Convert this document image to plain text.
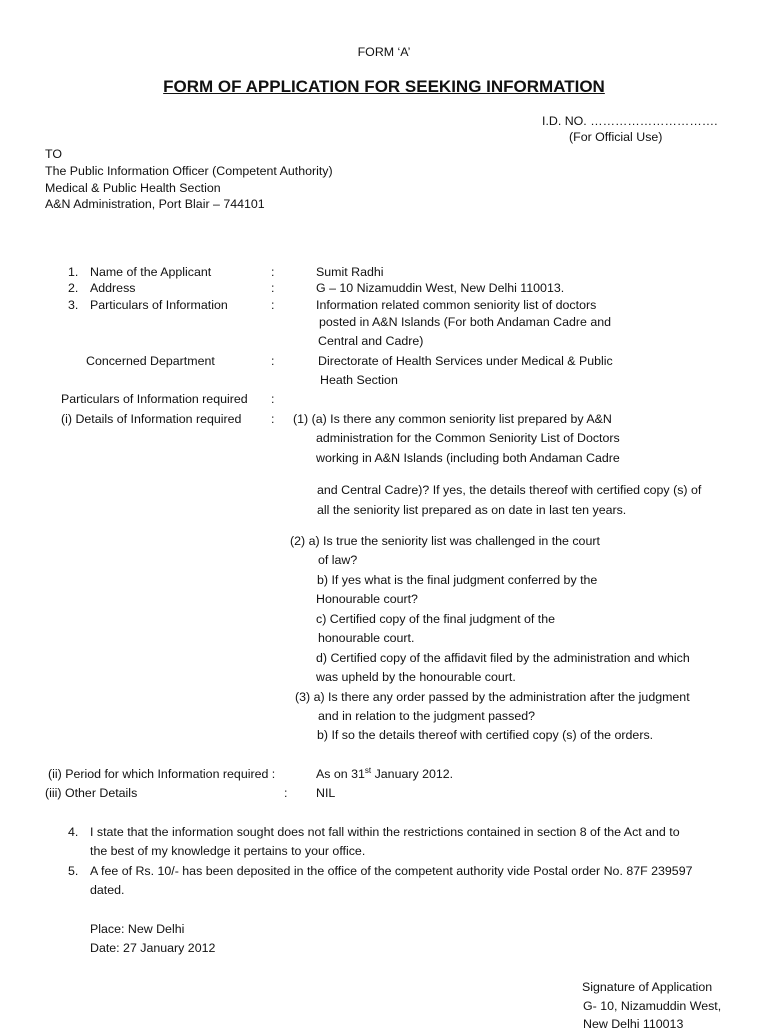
FORM ‘A’
FORM OF APPLICATION FOR SEEKING INFORMATION
I.D. NO. ………………………….
(For Official Use)
TO
The Public Information Officer (Competent Authority)
Medical & Public Health Section
A&N Administration, Port Blair – 744101
1. Name of the Applicant	:	Sumit Radhi
2. Address	:	G – 10 Nizamuddin West, New Delhi 110013.
3. Particulars of Information	:	Information related common seniority list of doctors
posted in A&N Islands (For both Andaman Cadre and
Central and Cadre)
Concerned Department	:	Directorate of Health Services under Medical & Public
Heath Section
Particulars of Information required :
(i) Details of Information required : (1) (a) Is there any common seniority list prepared by A&N
administration for the Common Seniority List of Doctors
working in A&N Islands (including both Andaman Cadre
and Central Cadre)? If yes, the details thereof with certified copy (s) of
all the seniority list prepared as on date in last ten years.
(2) a) Is true the seniority list was challenged in the court
of law?
b) If yes what is the final judgment conferred by the
Honourable court?
c) Certified copy of the final judgment of the
honourable court.
d) Certified copy of the affidavit filed by the administration and which
was upheld by the honourable court.
(3) a) Is there any order passed by the administration after the judgment
and in relation to the judgment passed?
b) If so the details thereof with certified copy (s) of the orders.
(ii) Period for which Information required :	As on 31st January 2012.
(iii) Other Details	: NIL
4. I state that the information sought does not fall within the restrictions contained in section 8 of the Act and to
the best of my knowledge it pertains to your office.
5. A fee of Rs. 10/- has been deposited in the office of the competent authority vide Postal order No. 87F 239597
dated.
Place: New Delhi
Date: 27 January 2012
Signature of Application
G- 10, Nizamuddin West,
New Delhi 110013
